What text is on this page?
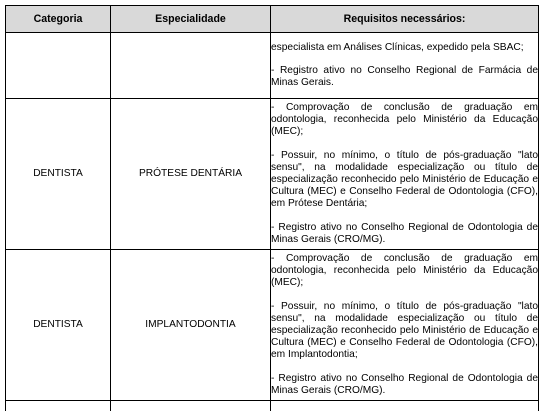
Categoria	Especialidade	Requisitos necessários:

		especialista em Análises Clínicas, expedido pela SBAC;

- Registro ativo no Conselho Regional de Farmácia de Minas Gerais.

DENTISTA	PRÓTESE DENTÁRIA	- Comprovação de conclusão de graduação em odontologia, reconhecida pelo Ministério da Educação (MEC);

- Possuir, no mínimo, o título de pós-graduação "lato sensu", na modalidade especialização ou título de especialização reconhecido pelo Ministério de Educação e Cultura (MEC) e Conselho Federal de Odontologia (CFO), em Prótese Dentária;

- Registro ativo no Conselho Regional de Odontologia de Minas Gerais (CRO/MG).

DENTISTA	IMPLANTODONTIA	- Comprovação de conclusão de graduação em odontologia, reconhecida pelo Ministério da Educação (MEC);

- Possuir, no mínimo, o título de pós-graduação "lato sensu", na modalidade especialização ou título de especialização reconhecido pelo Ministério de Educação e Cultura (MEC) e Conselho Federal de Odontologia (CFO), em Implantodontia;

- Registro ativo no Conselho Regional de Odontologia de Minas Gerais (CRO/MG).
